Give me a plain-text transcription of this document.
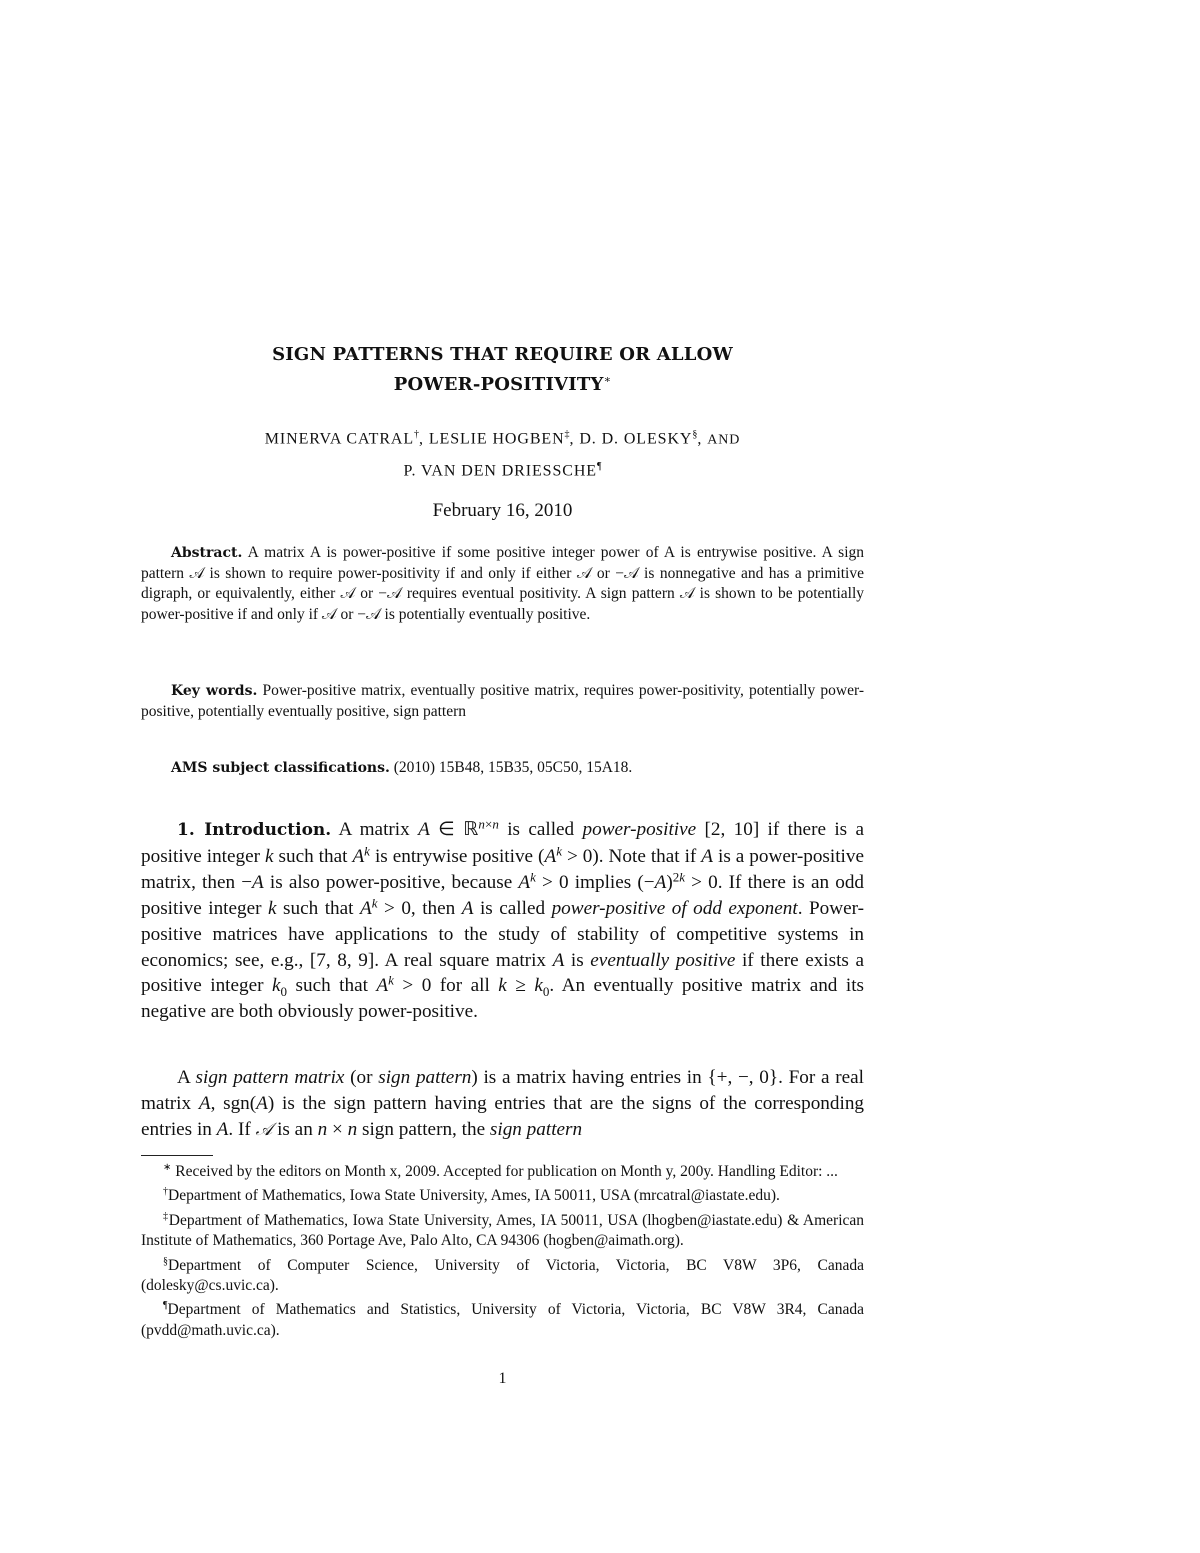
SIGN PATTERNS THAT REQUIRE OR ALLOW
POWER-POSITIVITY∗
MINERVA CATRAL†, LESLIE HOGBEN‡, D. D. OLESKY§, AND
P. VAN DEN DRIESSCHE¶
February 16, 2010
Abstract. A matrix A is power-positive if some positive integer power of A is entrywise positive. A sign pattern 𝒜 is shown to require power-positivity if and only if either 𝒜 or −𝒜 is nonnegative and has a primitive digraph, or equivalently, either 𝒜 or −𝒜 requires eventual positivity. A sign pattern 𝒜 is shown to be potentially power-positive if and only if 𝒜 or −𝒜 is potentially eventually positive.
Key words. Power-positive matrix, eventually positive matrix, requires power-positivity, potentially power-positive, potentially eventually positive, sign pattern
AMS subject classifications. (2010) 15B48, 15B35, 05C50, 15A18.

1. Introduction. A matrix A ∈ ℝ$^{n\times n}$ is called power-positive [2, 10] if there is a positive integer k such that $A^k$ is entrywise positive $(A^k > 0)$. Note that if A is a power-positive matrix, then −A is also power-positive, because $A^k > 0$ implies $(-A)^{2k} > 0$. If there is an odd positive integer k such that $A^k > 0$, then A is called power-positive of odd exponent. Power-positive matrices have applications to the study of stability of competitive systems in economics; see, e.g., [7, 8, 9]. A real square matrix A is eventually positive if there exists a positive integer $k_0$ such that $A^k > 0$ for all $k \ge k_0$. An eventually positive matrix and its negative are both obviously power-positive.

A sign pattern matrix (or sign pattern) is a matrix having entries in {+, −, 0}. For a real matrix A, sgn(A) is the sign pattern having entries that are the signs of the corresponding entries in A. If 𝒜 is an n × n sign pattern, the sign pattern

∗ Received by the editors on Month x, 2009. Accepted for publication on Month y, 200y. Handling Editor: ...

†Department of Mathematics, Iowa State University, Ames, IA 50011, USA (mrcatral@iastate.edu).

‡Department of Mathematics, Iowa State University, Ames, IA 50011, USA (lhogben@iastate.edu) & American Institute of Mathematics, 360 Portage Ave, Palo Alto, CA 94306 (hogben@aimath.org).

§Department of Computer Science, University of Victoria, Victoria, BC V8W 3P6, Canada (dolesky@cs.uvic.ca).

¶Department of Mathematics and Statistics, University of Victoria, Victoria, BC V8W 3R4, Canada (pvdd@math.uvic.ca).

1
